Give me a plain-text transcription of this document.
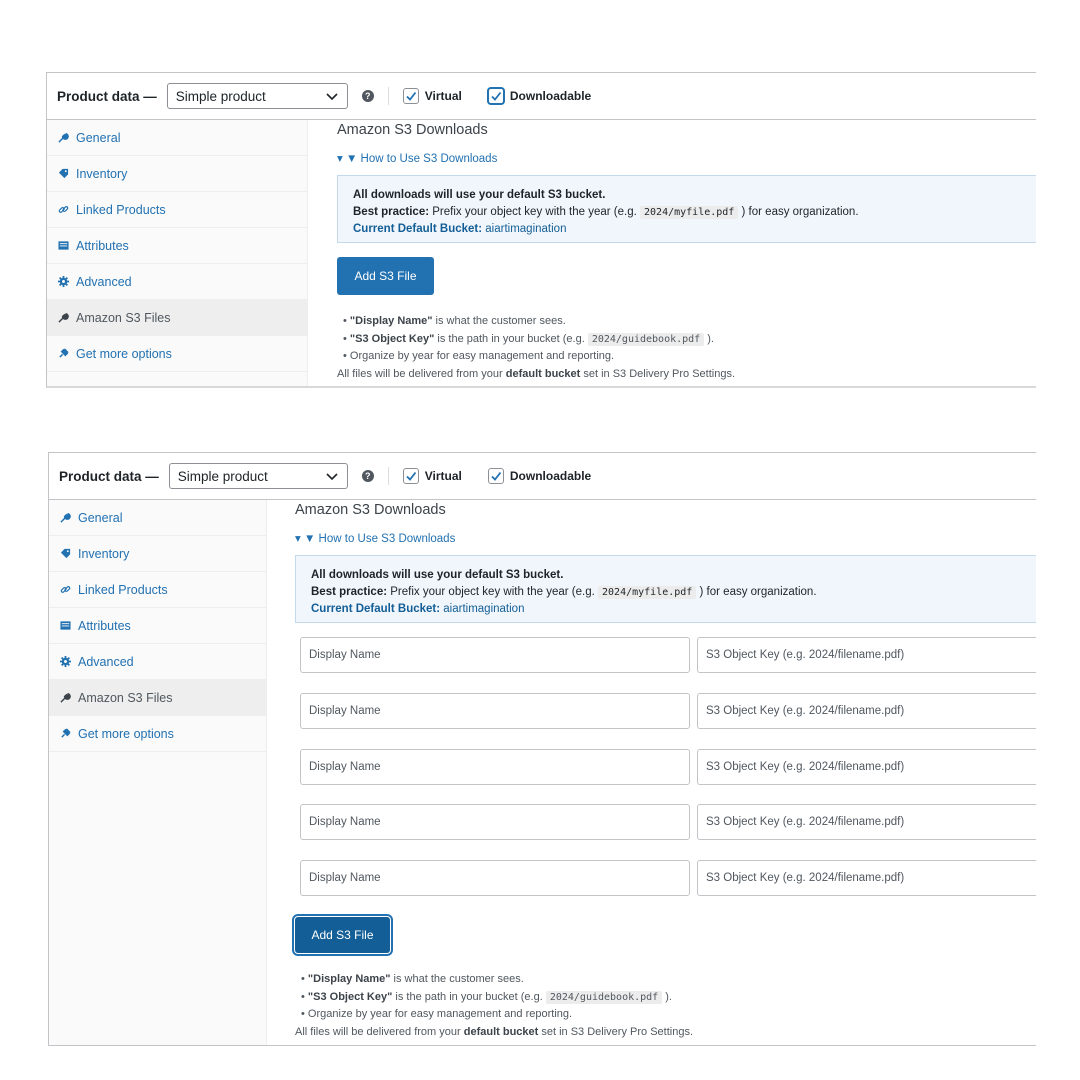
Product data — Simple product	?	Virtual	Downloadable
General
Inventory
Linked Products
Attributes
Advanced
Amazon S3 Files
Get more options
Amazon S3 Downloads
▾ ▼ How to Use S3 Downloads
All downloads will use your default S3 bucket.
Best practice: Prefix your object key with the year (e.g. 2024/myfile.pdf ) for easy organization.
Current Default Bucket: aiartimagination
Add S3 File
• "Display Name" is what the customer sees.
• "S3 Object Key" is the path in your bucket (e.g. 2024/guidebook.pdf ).
• Organize by year for easy management and reporting.
All files will be delivered from your default bucket set in S3 Delivery Pro Settings.
Product data — Simple product	?	Virtual	Downloadable
General
Inventory
Linked Products
Attributes
Advanced
Amazon S3 Files
Get more options
Amazon S3 Downloads
▾ ▼ How to Use S3 Downloads
All downloads will use your default S3 bucket.
Best practice: Prefix your object key with the year (e.g. 2024/myfile.pdf ) for easy organization.
Current Default Bucket: aiartimagination
Display Name	S3 Object Key (e.g. 2024/filename.pdf)
Display Name	S3 Object Key (e.g. 2024/filename.pdf)
Display Name	S3 Object Key (e.g. 2024/filename.pdf)
Display Name	S3 Object Key (e.g. 2024/filename.pdf)
Display Name	S3 Object Key (e.g. 2024/filename.pdf)
Add S3 File
• "Display Name" is what the customer sees.
• "S3 Object Key" is the path in your bucket (e.g. 2024/guidebook.pdf ).
• Organize by year for easy management and reporting.
All files will be delivered from your default bucket set in S3 Delivery Pro Settings.
